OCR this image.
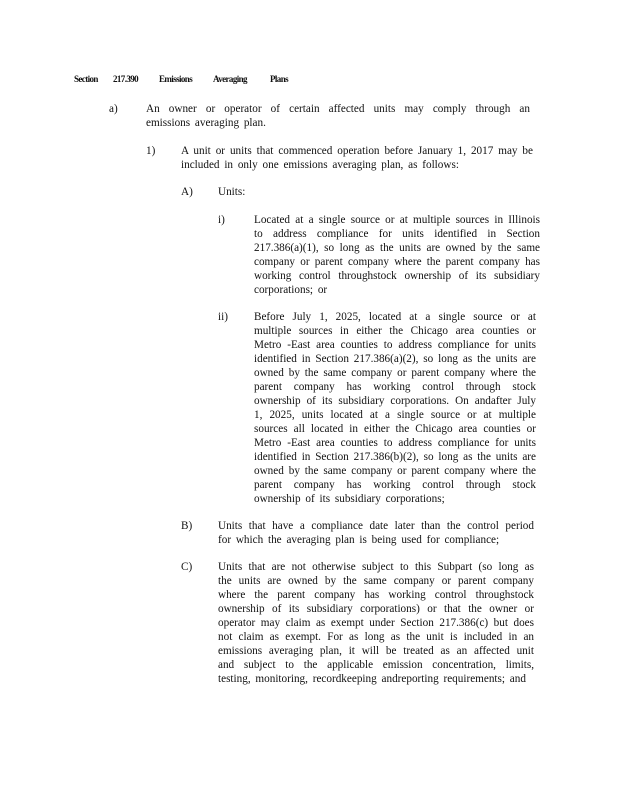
Section 217.390 Emissions Averaging	Plans
a)	An owner or operator of certain affected units may comply through an emissions averaging plan.
1) A unit or units that commenced operation before January 1, 2017 may be included in only one emissions averaging plan, as follows:
A) Units:
i)	Located at a single source or at multiple sources in Illinois to address compliance for units identified in Section 217.386(a)(1), so long as the units are owned by the same company or parent company where the parent company has working control throughstock ownership of its subsidiary corporations; or
ii) Before July 1, 2025, located at a single source or at multiple sources in either the Chicago area counties or Metro -East area counties to address compliance for units identified in Section 217.386(a)(2), so long as the units are owned by the same company or parent company where the parent company has working control through stock ownership of its subsidiary corporations. On andafter July 1, 2025, units located at a single source or at multiple sources all located in either the Chicago area counties or Metro -East area counties to address compliance for units identified in Section 217.386(b)(2), so long as the units are owned by the same company or parent company where the parent company has working control through stock ownership of its subsidiary corporations;
B) Units that have a compliance date later than the control period for which the averaging plan is being used for compliance;
C) Units that are not otherwise subject to this Subpart (so long as the units are owned by the same company or parent company where the parent company has working control throughstock ownership of its subsidiary corporations) or that the owner or operator may claim as exempt under Section 217.386(c) but does not claim as exempt. For as long as the unit is included in an emissions averaging plan, it will be treated as an affected unit and subject to the applicable emission concentration, limits, testing, monitoring, recordkeeping andreporting requirements; and
